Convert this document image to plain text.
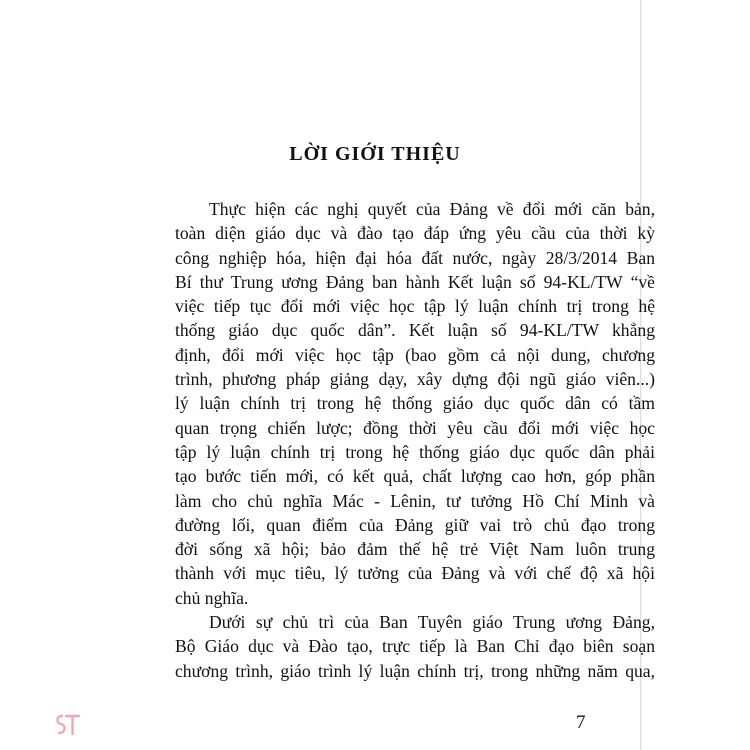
LỜI GIỚI THIỆU
Thực hiện các nghị quyết của Đảng về đổi mới căn bản,
toàn diện giáo dục và đào tạo đáp ứng yêu cầu của thời kỳ
công nghiệp hóa, hiện đại hóa đất nước, ngày 28/3/2014 Ban
Bí thư Trung ương Đảng ban hành Kết luận số 94-KL/TW “về
việc tiếp tục đổi mới việc học tập lý luận chính trị trong hệ
thống giáo dục quốc dân”. Kết luận số 94-KL/TW khẳng
định, đổi mới việc học tập (bao gồm cả nội dung, chương
trình, phương pháp giảng dạy, xây dựng đội ngũ giáo viên...)
lý luận chính trị trong hệ thống giáo dục quốc dân có tầm
quan trọng chiến lược; đồng thời yêu cầu đổi mới việc học
tập lý luận chính trị trong hệ thống giáo dục quốc dân phải
tạo bước tiến mới, có kết quả, chất lượng cao hơn, góp phần
làm cho chủ nghĩa Mác - Lênin, tư tưởng Hồ Chí Minh và
đường lối, quan điểm của Đảng giữ vai trò chủ đạo trong
đời sống xã hội; bảo đảm thế hệ trẻ Việt Nam luôn trung
thành với mục tiêu, lý tưởng của Đảng và với chế độ xã hội
chủ nghĩa.
Dưới sự chủ trì của Ban Tuyên giáo Trung ương Đảng,
Bộ Giáo dục và Đào tạo, trực tiếp là Ban Chỉ đạo biên soạn
chương trình, giáo trình lý luận chính trị, trong những năm qua,
7
